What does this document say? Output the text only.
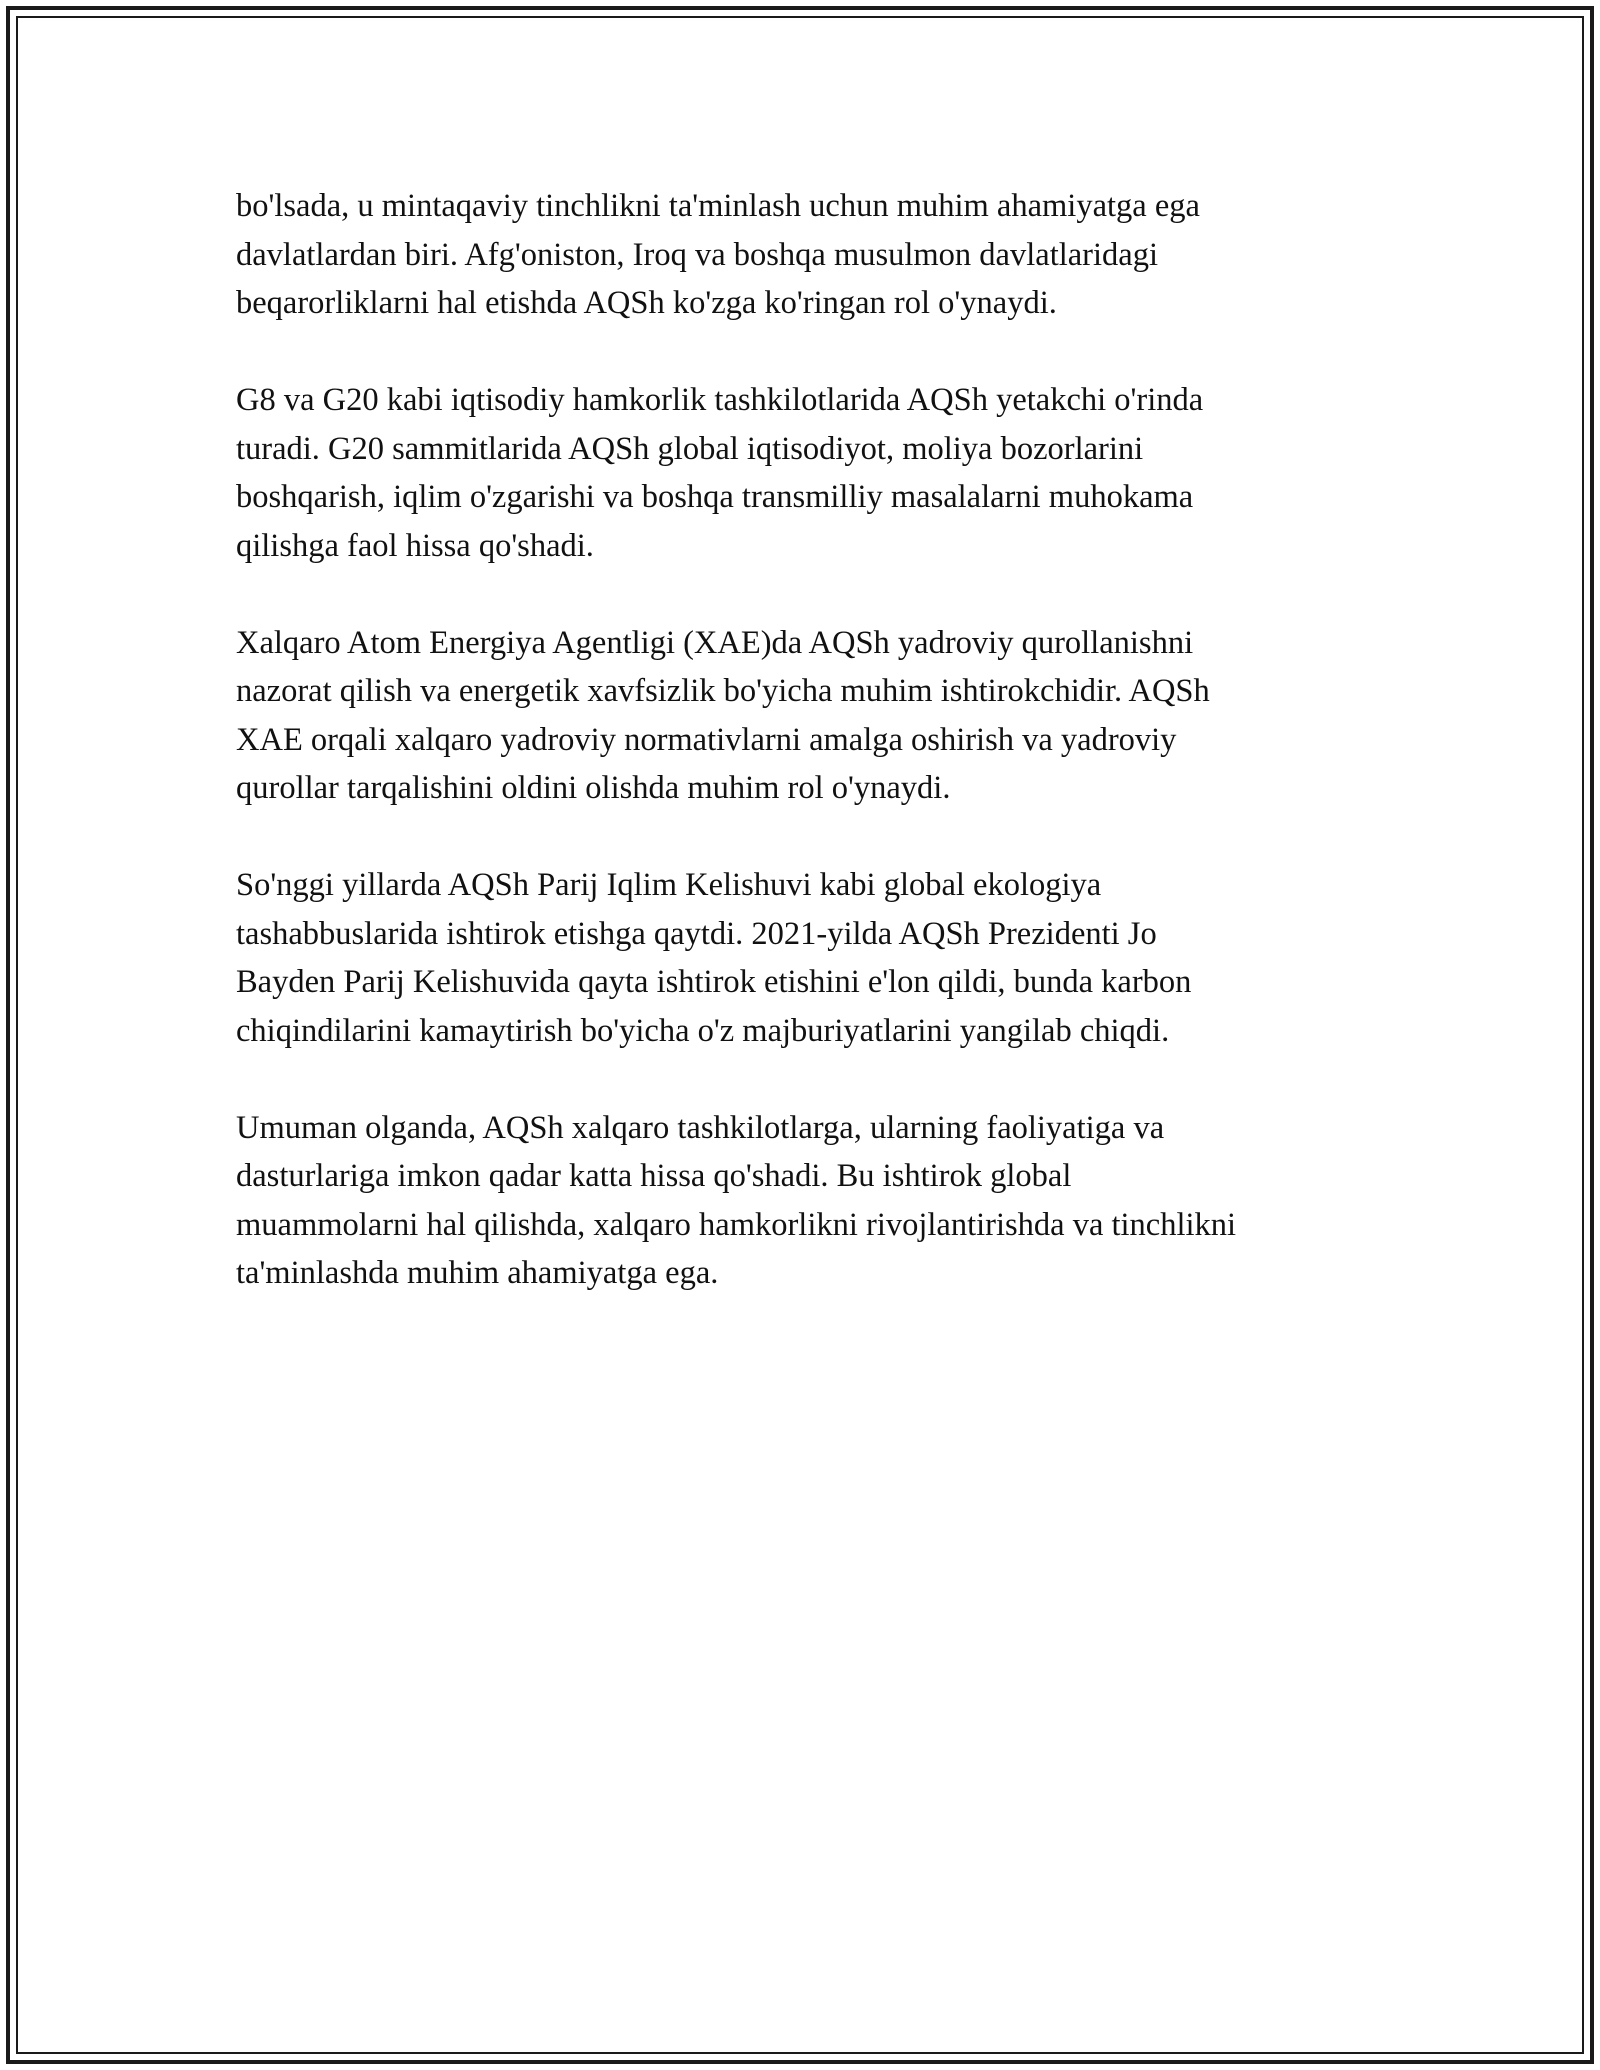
bo'lsada, u mintaqaviy tinchlikni ta'minlash uchun muhim ahamiyatga ega
davlatlardan biri. Afg'oniston, Iroq va boshqa musulmon davlatlaridagi
beqarorliklarni hal etishda AQSh ko'zga ko'ringan rol o'ynaydi.

G8 va G20 kabi iqtisodiy hamkorlik tashkilotlarida AQSh yetakchi o'rinda
turadi. G20 sammitlarida AQSh global iqtisodiyot, moliya bozorlarini
boshqarish, iqlim o'zgarishi va boshqa transmilliy masalalarni muhokama
qilishga faol hissa qo'shadi.

Xalqaro Atom Energiya Agentligi (XAE)da AQSh yadroviy qurollanishni
nazorat qilish va energetik xavfsizlik bo'yicha muhim ishtirokchidir. AQSh
XAE orqali xalqaro yadroviy normativlarni amalga oshirish va yadroviy
qurollar tarqalishini oldini olishda muhim rol o'ynaydi.

So'nggi yillarda AQSh Parij Iqlim Kelishuvi kabi global ekologiya
tashabbuslarida ishtirok etishga qaytdi. 2021-yilda AQSh Prezidenti Jo
Bayden Parij Kelishuvida qayta ishtirok etishini e'lon qildi, bunda karbon
chiqindilarini kamaytirish bo'yicha o'z majburiyatlarini yangilab chiqdi.

Umuman olganda, AQSh xalqaro tashkilotlarga, ularning faoliyatiga va
dasturlariga imkon qadar katta hissa qo'shadi. Bu ishtirok global
muammolarni hal qilishda, xalqaro hamkorlikni rivojlantirishda va tinchlikni
ta'minlashda muhim ahamiyatga ega.
